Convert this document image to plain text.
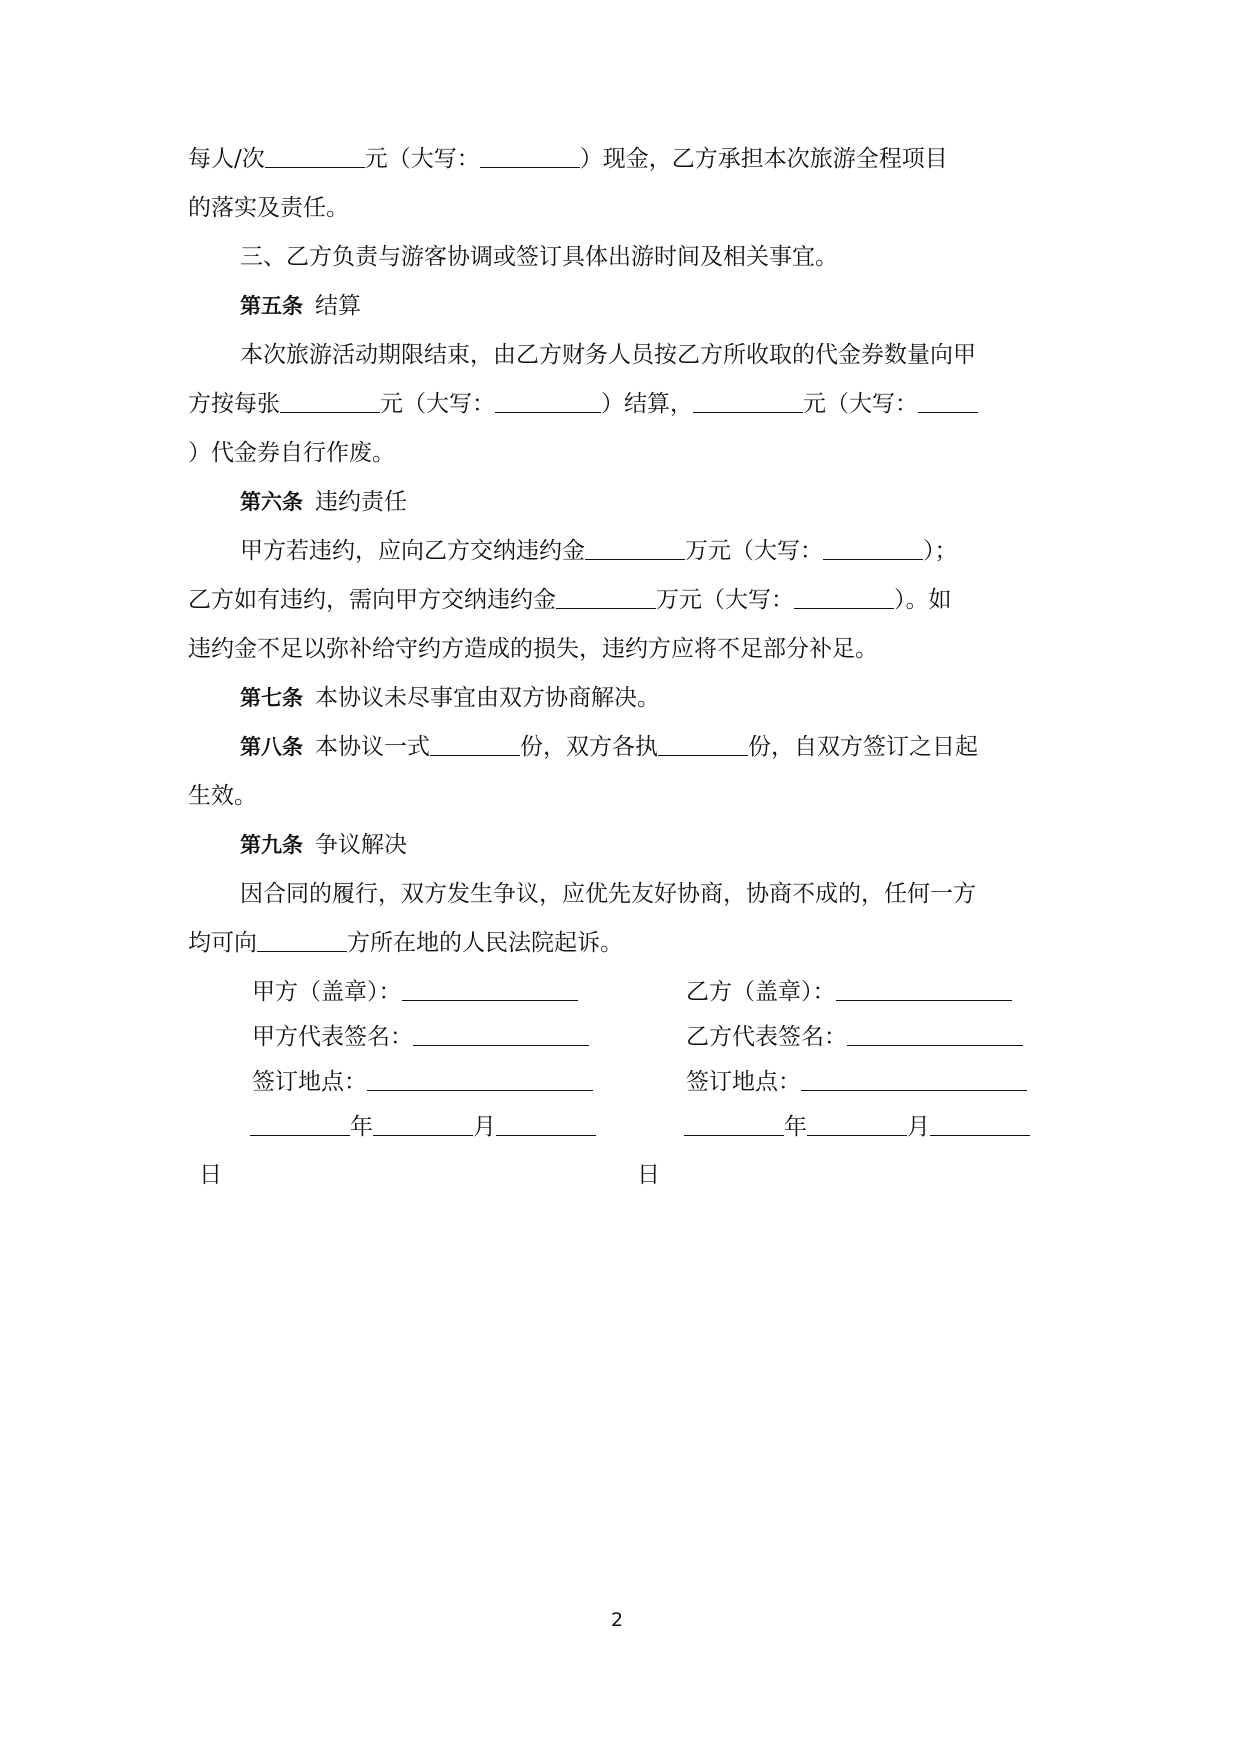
每人/次	元（大写：	）现金，乙方承担本次旅游全程项目
的落实及责任。
三、乙方负责与游客协调或签订具体出游时间及相关事宜。
第五条 结算
本次旅游活动期限结束，由乙方财务人员按乙方所收取的代金券数量向甲
方按每张	元（大写：	）结算，	元（大写：
）代金券自行作废。
第六条 违约责任
甲方若违约，应向乙方交纳违约金	万元（大写：	）；
乙方如有违约，需向甲方交纳违约金	万元（大写：	）。如
违约金不足以弥补给守约方造成的损失，违约方应将不足部分补足。
第七条 本协议未尽事宜由双方协商解决。
第八条 本协议一式	份，双方各执	份，自双方签订之日起
生效。
第九条 争议解决
因合同的履行，双方发生争议，应优先友好协商，协商不成的，任何一方
均可向	方所在地的人民法院起诉。
甲方（盖章）：
甲方代表签名：
签订地点：
年	月
日
乙方（盖章）：
乙方代表签名：
签订地点：
年	月
日
2
